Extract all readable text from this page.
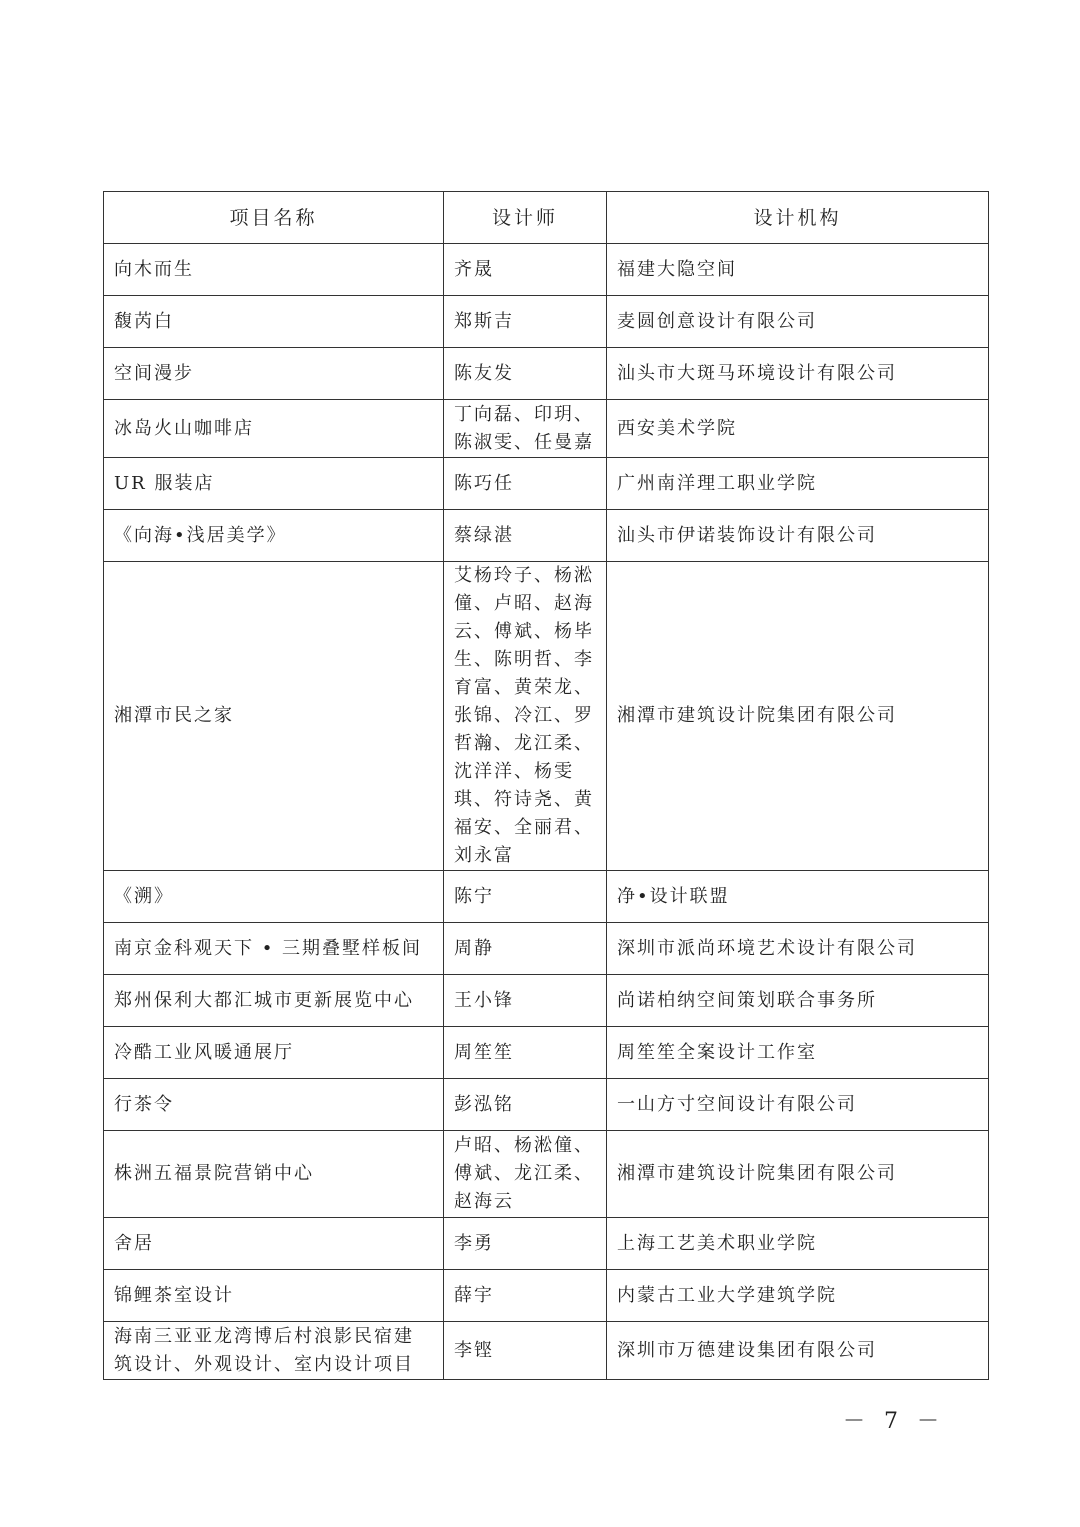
项目名称	设计师	设计机构
向木而生	齐晟	福建大隐空间
馥芮白	郑斯吉	麦圆创意设计有限公司
空间漫步	陈友发	汕头市大斑马环境设计有限公司
冰岛火山咖啡店	丁向磊、印玥、陈淑雯、任曼嘉	西安美术学院
UR 服装店	陈巧任	广州南洋理工职业学院
《向海•浅居美学》	蔡绿湛	汕头市伊诺装饰设计有限公司
湘潭市民之家	艾杨玲子、杨淞僮、卢昭、赵海云、傅斌、杨毕生、陈明哲、李育富、黄荣龙、张锦、冷江、罗哲瀚、龙江柔、沈洋洋、杨雯琪、符诗尧、黄福安、全丽君、刘永富	湘潭市建筑设计院集团有限公司
《溯》	陈宁	净•设计联盟
南京金科观天下 • 三期叠墅样板间	周静	深圳市派尚环境艺术设计有限公司
郑州保利大都汇城市更新展览中心	王小锋	尚诺柏纳空间策划联合事务所
冷酷工业风暖通展厅	周笙笙	周笙笙全案设计工作室
行茶令	彭泓铭	一山方寸空间设计有限公司
株洲五福景院营销中心	卢昭、杨淞僮、傅斌、龙江柔、赵海云	湘潭市建筑设计院集团有限公司
舍居	李勇	上海工艺美术职业学院
锦鲤茶室设计	薛宇	内蒙古工业大学建筑学院
海南三亚亚龙湾博后村浪影民宿建筑设计、外观设计、室内设计项目	李铿	深圳市万德建设集团有限公司
－ 7 －
